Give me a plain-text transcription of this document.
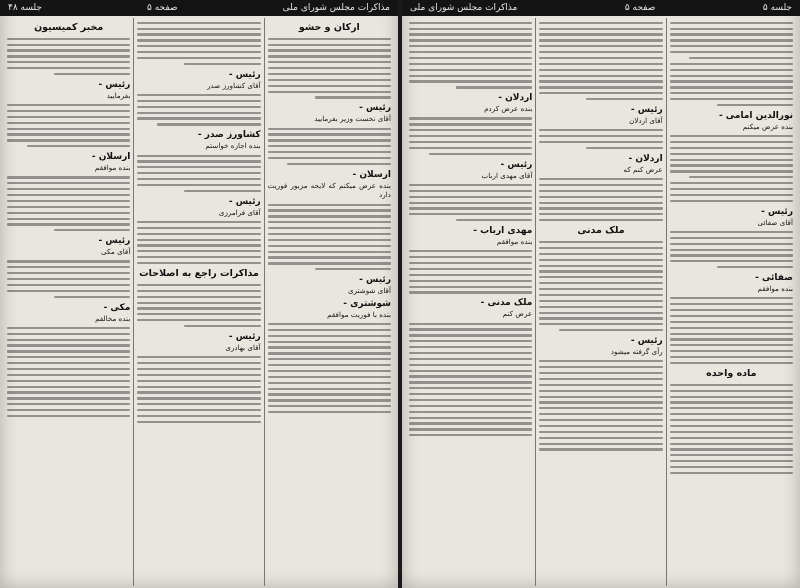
جلسه ۵
صفحه ۵
مذاکرات مجلس شورای ملی
نورالدین امامی -
بنده عرض میکنم
رئیس -
آقای صفائی
صفائی -
بنده موافقم
ماده واحده
رئیس -
آقای اردلان
اردلان -
عرض کنم که
ملک مدنی
رئیس -
رأی گرفته میشود
اردلان -
بنده عرض کردم
رئیس -
آقای مهدی ارباب
مهدی ارباب -
بنده موافقم
ملک مدنی -
عرض کنم
مذاکرات مجلس شورای ملی
صفحه ۵
جلسه ۴۸
ارکان و حشو
رئیس -
آقای نخست وزیر بفرمایید
ارسلان -
بنده عرض میکنم که لایحه مزبور فوریت دارد
رئیس -
آقای شوشتری
شوشتری -
بنده با فوریت موافقم
رئیس -
آقای کشاورز صدر
کشاورز صدر -
بنده اجازه خواستم
رئیس -
آقای فرامرزی
مذاکرات راجع به اصلاحات
رئیس -
آقای بهادری
مخبر کمیسیون
رئیس -
بفرمایید
ارسلان -
بنده موافقم
رئیس -
آقای مکی
مکی -
بنده مخالفم
